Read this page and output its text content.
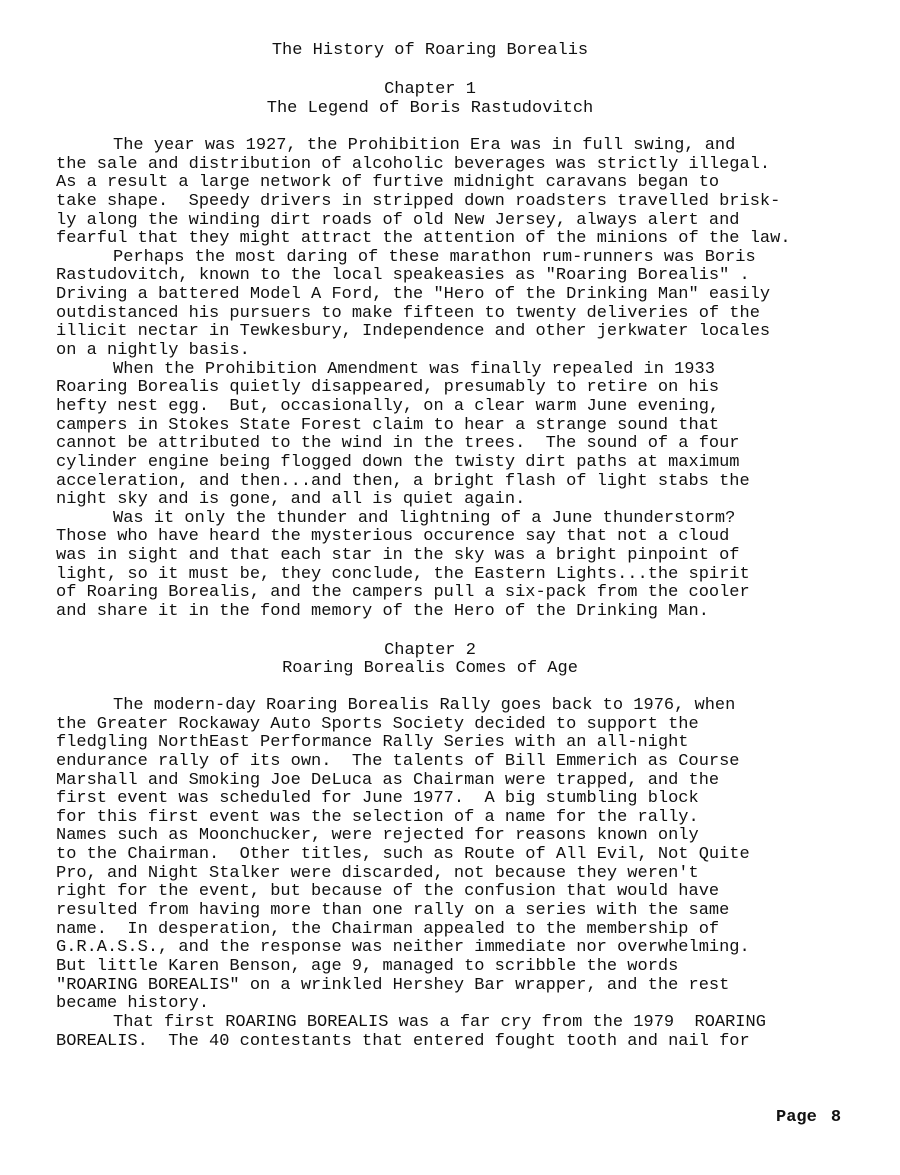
The History of Roaring Borealis
Chapter 1
The Legend of Boris Rastudovitch
The year was 1927, the Prohibition Era was in full swing, and
the sale and distribution of alcoholic beverages was strictly illegal.
As a result a large network of furtive midnight caravans began to
take shape.  Speedy drivers in stripped down roadsters travelled brisk-
ly along the winding dirt roads of old New Jersey, always alert and
fearful that they might attract the attention of the minions of the law.
Perhaps the most daring of these marathon rum-runners was Boris
Rastudovitch, known to the local speakeasies as "Roaring Borealis" .
Driving a battered Model A Ford, the "Hero of the Drinking Man" easily
outdistanced his pursuers to make fifteen to twenty deliveries of the
illicit nectar in Tewkesbury, Independence and other jerkwater locales
on a nightly basis.
When the Prohibition Amendment was finally repealed in 1933
Roaring Borealis quietly disappeared, presumably to retire on his
hefty nest egg.  But, occasionally, on a clear warm June evening,
campers in Stokes State Forest claim to hear a strange sound that
cannot be attributed to the wind in the trees.  The sound of a four
cylinder engine being flogged down the twisty dirt paths at maximum
acceleration, and then...and then, a bright flash of light stabs the
night sky and is gone, and all is quiet again.
Was it only the thunder and lightning of a June thunderstorm?
Those who have heard the mysterious occurence say that not a cloud
was in sight and that each star in the sky was a bright pinpoint of
light, so it must be, they conclude, the Eastern Lights...the spirit
of Roaring Borealis, and the campers pull a six-pack from the cooler
and share it in the fond memory of the Hero of the Drinking Man.
Chapter 2
Roaring Borealis Comes of Age
The modern-day Roaring Borealis Rally goes back to 1976, when
the Greater Rockaway Auto Sports Society decided to support the
fledgling NorthEast Performance Rally Series with an all-night
endurance rally of its own.  The talents of Bill Emmerich as Course
Marshall and Smoking Joe DeLuca as Chairman were trapped, and the
first event was scheduled for June 1977.  A big stumbling block
for this first event was the selection of a name for the rally.
Names such as Moonchucker, were rejected for reasons known only
to the Chairman.  Other titles, such as Route of All Evil, Not Quite
Pro, and Night Stalker were discarded, not because they weren't
right for the event, but because of the confusion that would have
resulted from having more than one rally on a series with the same
name.  In desperation, the Chairman appealed to the membership of
G.R.A.S.S., and the response was neither immediate nor overwhelming.
But little Karen Benson, age 9, managed to scribble the words
"ROARING BOREALIS" on a wrinkled Hershey Bar wrapper, and the rest
became history.
That first ROARING BOREALIS was a far cry from the 1979  ROARING
BOREALIS.  The 40 contestants that entered fought tooth and nail for
Page 8
